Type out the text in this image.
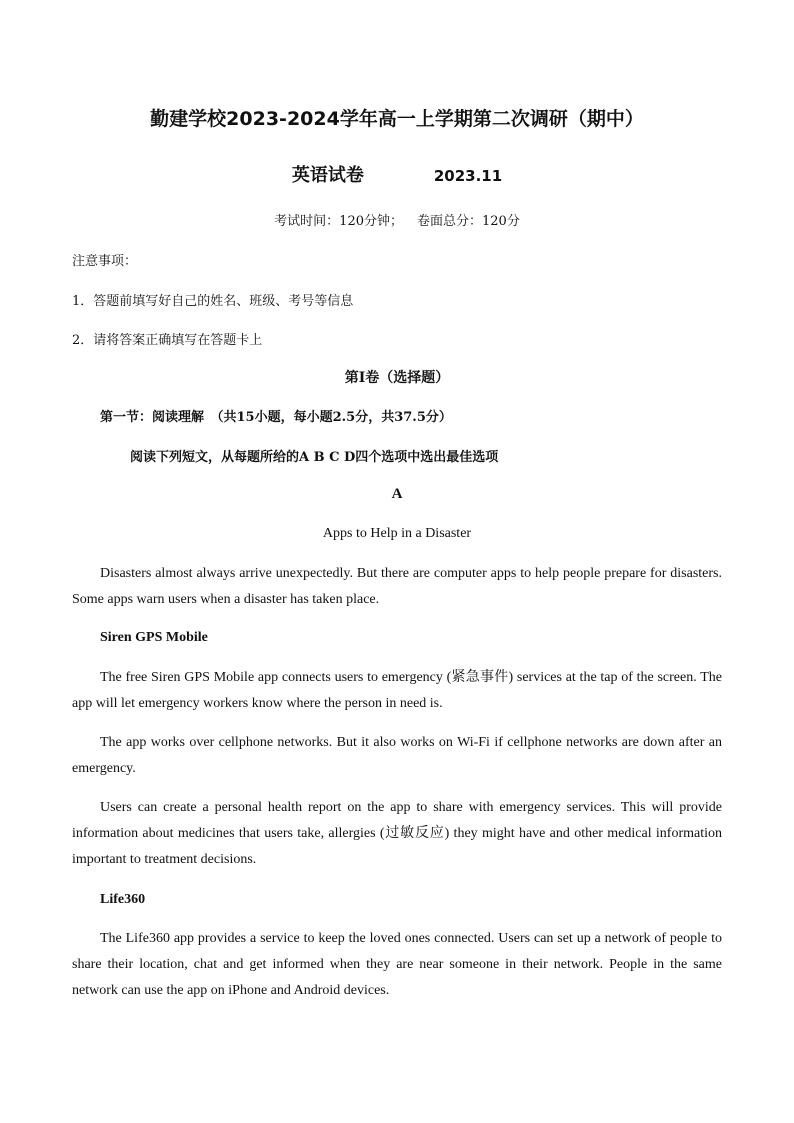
勤建学校2023-2024学年高一上学期第二次调研（期中）
英语试卷	2023.11
考试时间：120分钟； 卷面总分：120分
注意事项：
1．答题前填写好自己的姓名、班级、考号等信息
2．请将答案正确填写在答题卡上
第I卷（选择题）
第一节：阅读理解　（共15小题，每小题2.5分，共37.5分）
阅读下列短文，从每题所给的A B C D四个选项中选出最佳选项
A
Apps to Help in a Disaster
Disasters almost always arrive unexpectedly. But there are computer apps to help people prepare for disasters. Some apps warn users when a disaster has taken place.
Siren GPS Mobile
The free Siren GPS Mobile app connects users to emergency (紧急事件) services at the tap of the screen. The app will let emergency workers know where the person in need is.
The app works over cellphone networks. But it also works on Wi-Fi if cellphone networks are down after an emergency.
Users can create a personal health report on the app to share with emergency services. This will provide information about medicines that users take, allergies (过敏反应) they might have and other medical information important to treatment decisions.
Life360
The Life360 app provides a service to keep the loved ones connected. Users can set up a network of people to share their location, chat and get informed when they are near someone in their network. People in the same network can use the app on iPhone and Android devices.
